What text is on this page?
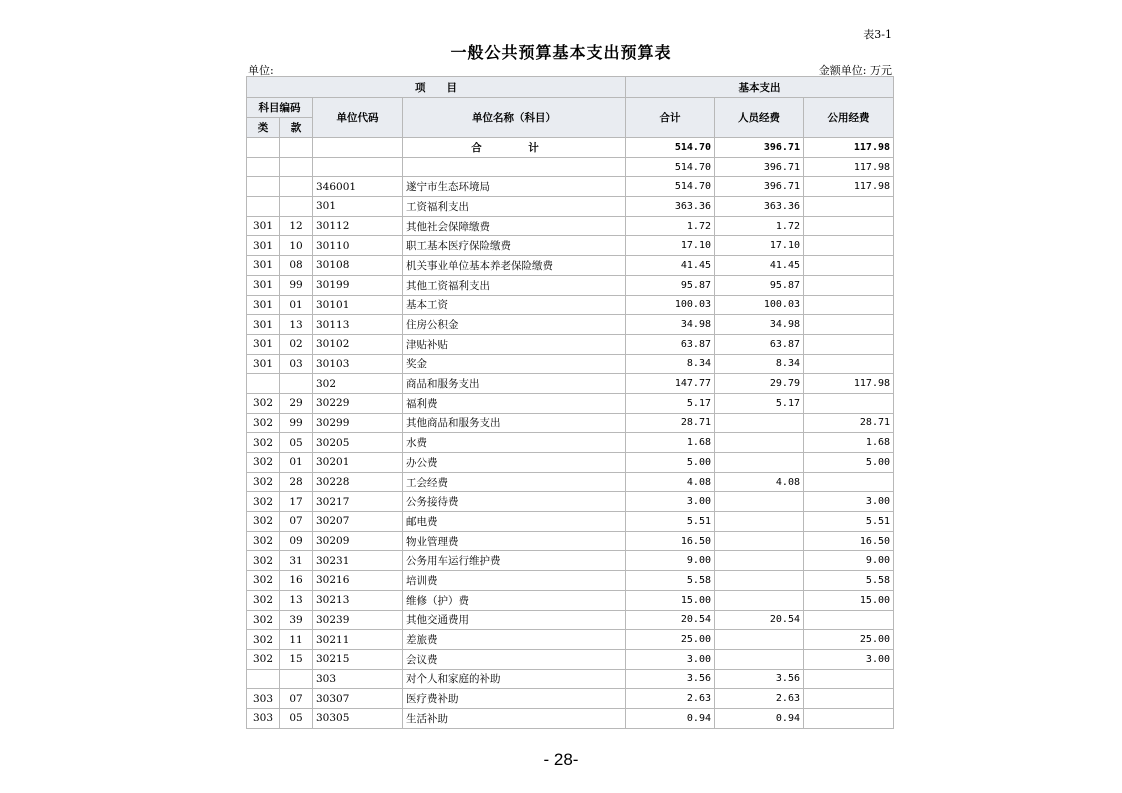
表3-1
一般公共预算基本支出预算表
单位:	金额单位: 万元
项　　目				基本支出		
科目编码		单位代码	单位名称（科目）	合计	人员经费	公用经费
类	款					
			合　计	514.70	396.71	117.98
				514.70	396.71	117.98
		346001	遂宁市生态环境局	514.70	396.71	117.98
		301	工资福利支出	363.36	363.36	
301	12	30112	其他社会保障缴费	1.72	1.72	
301	10	30110	职工基本医疗保险缴费	17.10	17.10	
301	08	30108	机关事业单位基本养老保险缴费	41.45	41.45	
301	99	30199	其他工资福利支出	95.87	95.87	
301	01	30101	基本工资	100.03	100.03	
301	13	30113	住房公积金	34.98	34.98	
301	02	30102	津贴补贴	63.87	63.87	
301	03	30103	奖金	8.34	8.34	
		302	商品和服务支出	147.77	29.79	117.98
302	29	30229	福利费	5.17	5.17	
302	99	30299	其他商品和服务支出	28.71		28.71
302	05	30205	水费	1.68		1.68
302	01	30201	办公费	5.00		5.00
302	28	30228	工会经费	4.08	4.08	
302	17	30217	公务接待费	3.00		3.00
302	07	30207	邮电费	5.51		5.51
302	09	30209	物业管理费	16.50		16.50
302	31	30231	公务用车运行维护费	9.00		9.00
302	16	30216	培训费	5.58		5.58
302	13	30213	维修（护）费	15.00		15.00
302	39	30239	其他交通费用	20.54	20.54	
302	11	30211	差旅费	25.00		25.00
302	15	30215	会议费	3.00		3.00
		303	对个人和家庭的补助	3.56	3.56	
303	07	30307	医疗费补助	2.63	2.63	
303	05	30305	生活补助	0.94	0.94	
- 28-
